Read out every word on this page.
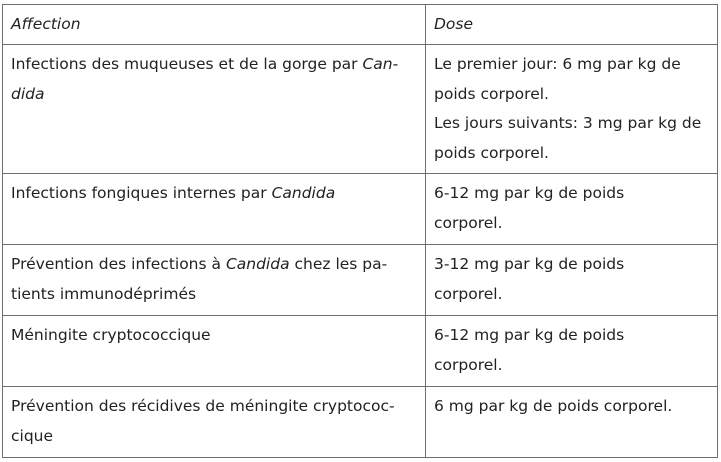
Affection	Dose

Infections des muqueuses et de la gorge par Can-
dida	Le premier jour: 6 mg par kg de
poids corporel.
Les jours suivants: 3 mg par kg de
poids corporel.

Infections fongiques internes par Candida	6-12 mg par kg de poids
corporel.

Prévention des infections à Candida chez les pa-
tients immunodéprimés	3-12 mg par kg de poids
corporel.

Méningite cryptococcique	6-12 mg par kg de poids
corporel.

Prévention des récidives de méningite cryptococ-
cique	6 mg par kg de poids corporel.
